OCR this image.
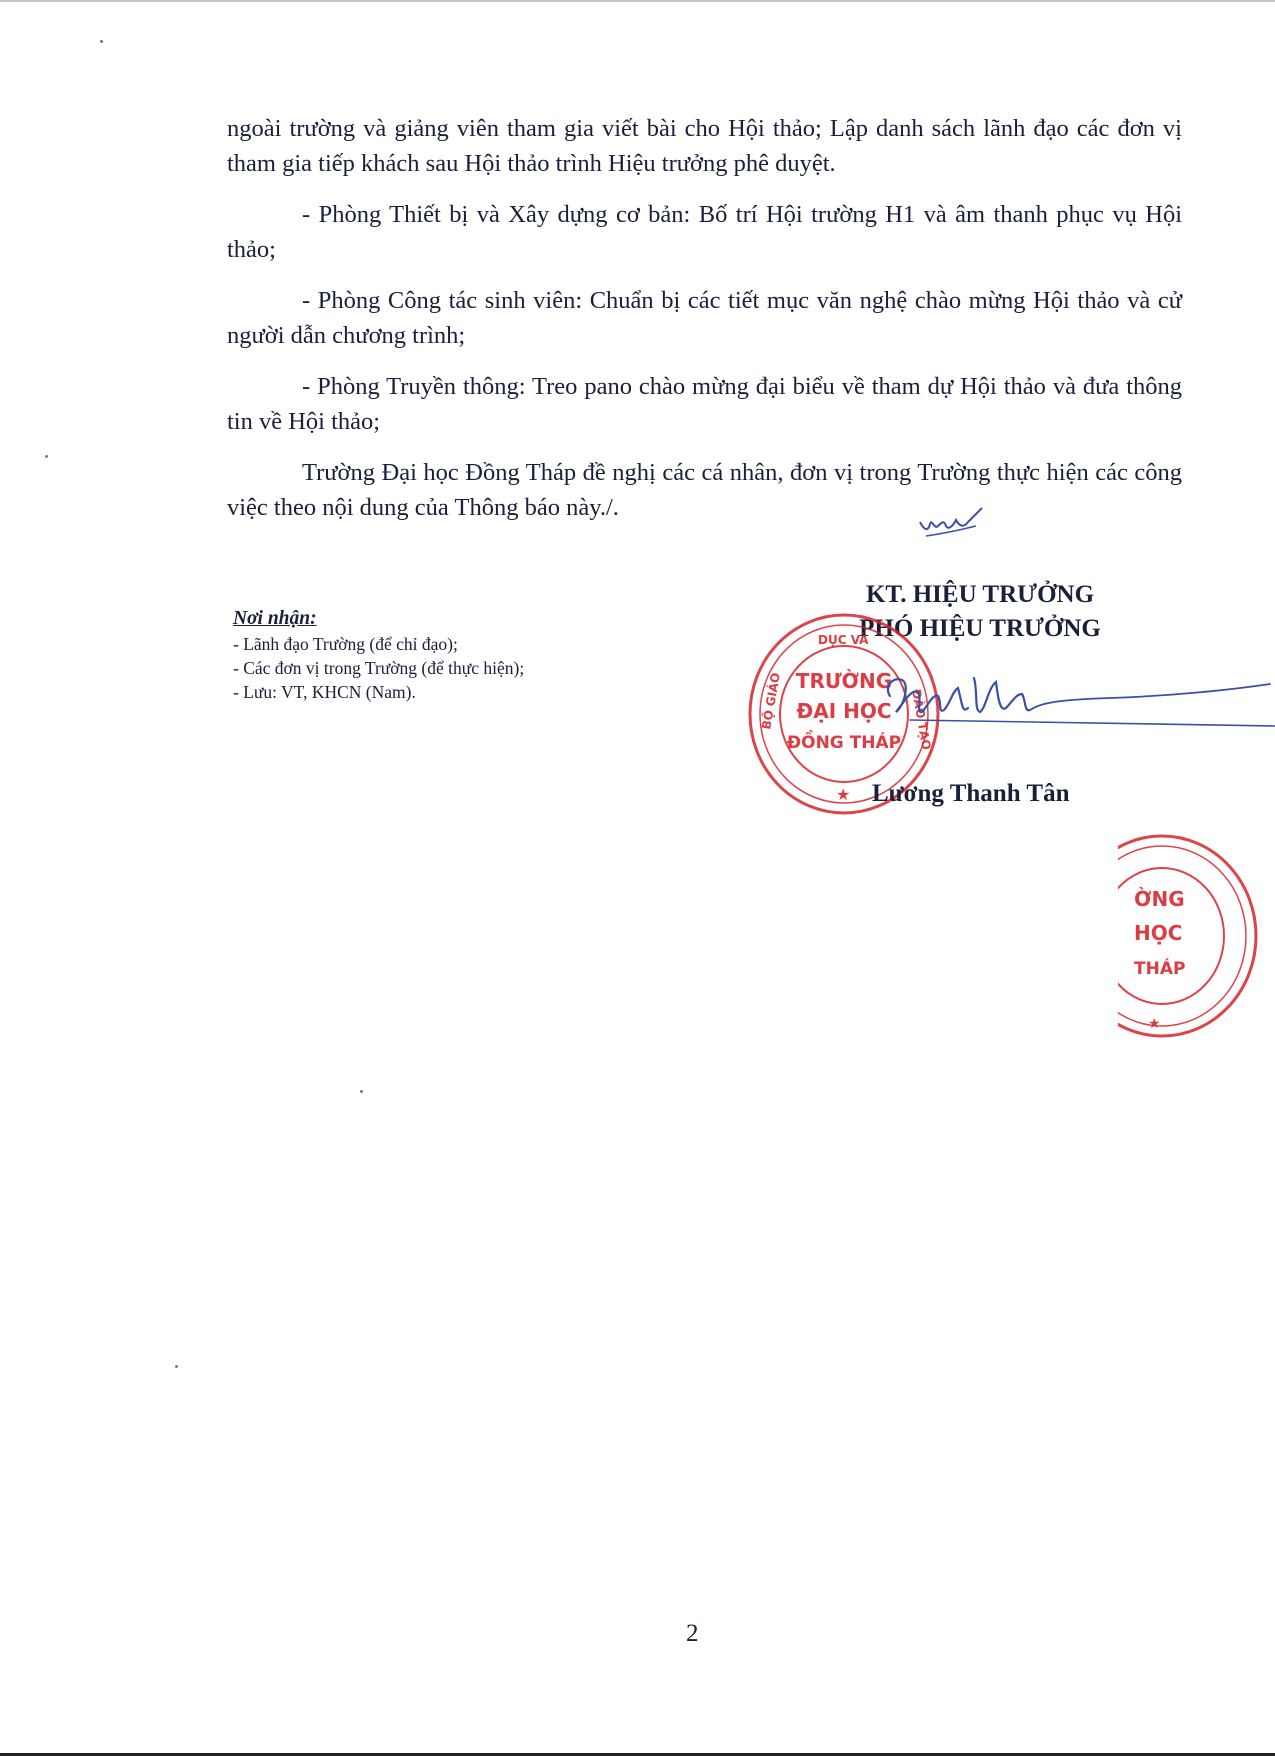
ngoài trường và giảng viên tham gia viết bài cho Hội thảo; Lập danh sách lãnh đạo các đơn vị tham gia tiếp khách sau Hội thảo trình Hiệu trưởng phê duyệt.

- Phòng Thiết bị và Xây dựng cơ bản: Bố trí Hội trường H1 và âm thanh phục vụ Hội thảo;

- Phòng Công tác sinh viên: Chuẩn bị các tiết mục văn nghệ chào mừng Hội thảo và cử người dẫn chương trình;

- Phòng Truyền thông: Treo pano chào mừng đại biểu về tham dự Hội thảo và đưa thông tin về Hội thảo;

Trường Đại học Đồng Tháp đề nghị các cá nhân, đơn vị trong Trường thực hiện các công việc theo nội dung của Thông báo này./.

Nơi nhận:
- Lãnh đạo Trường (để chỉ đạo);
- Các đơn vị trong Trường (để thực hiện);
- Lưu: VT, KHCN (Nam).
KT. HIỆU TRƯỞNG
PHÓ HIỆU TRƯỞNG
DỤC VÀ
BỘ GIÁO	ĐÀO TẠO
TRƯỜNG
ĐẠI HỌC
ĐỒNG THÁP
★ Lương Thanh Tân
ỜNG
HỌC
THÁP
★
2
